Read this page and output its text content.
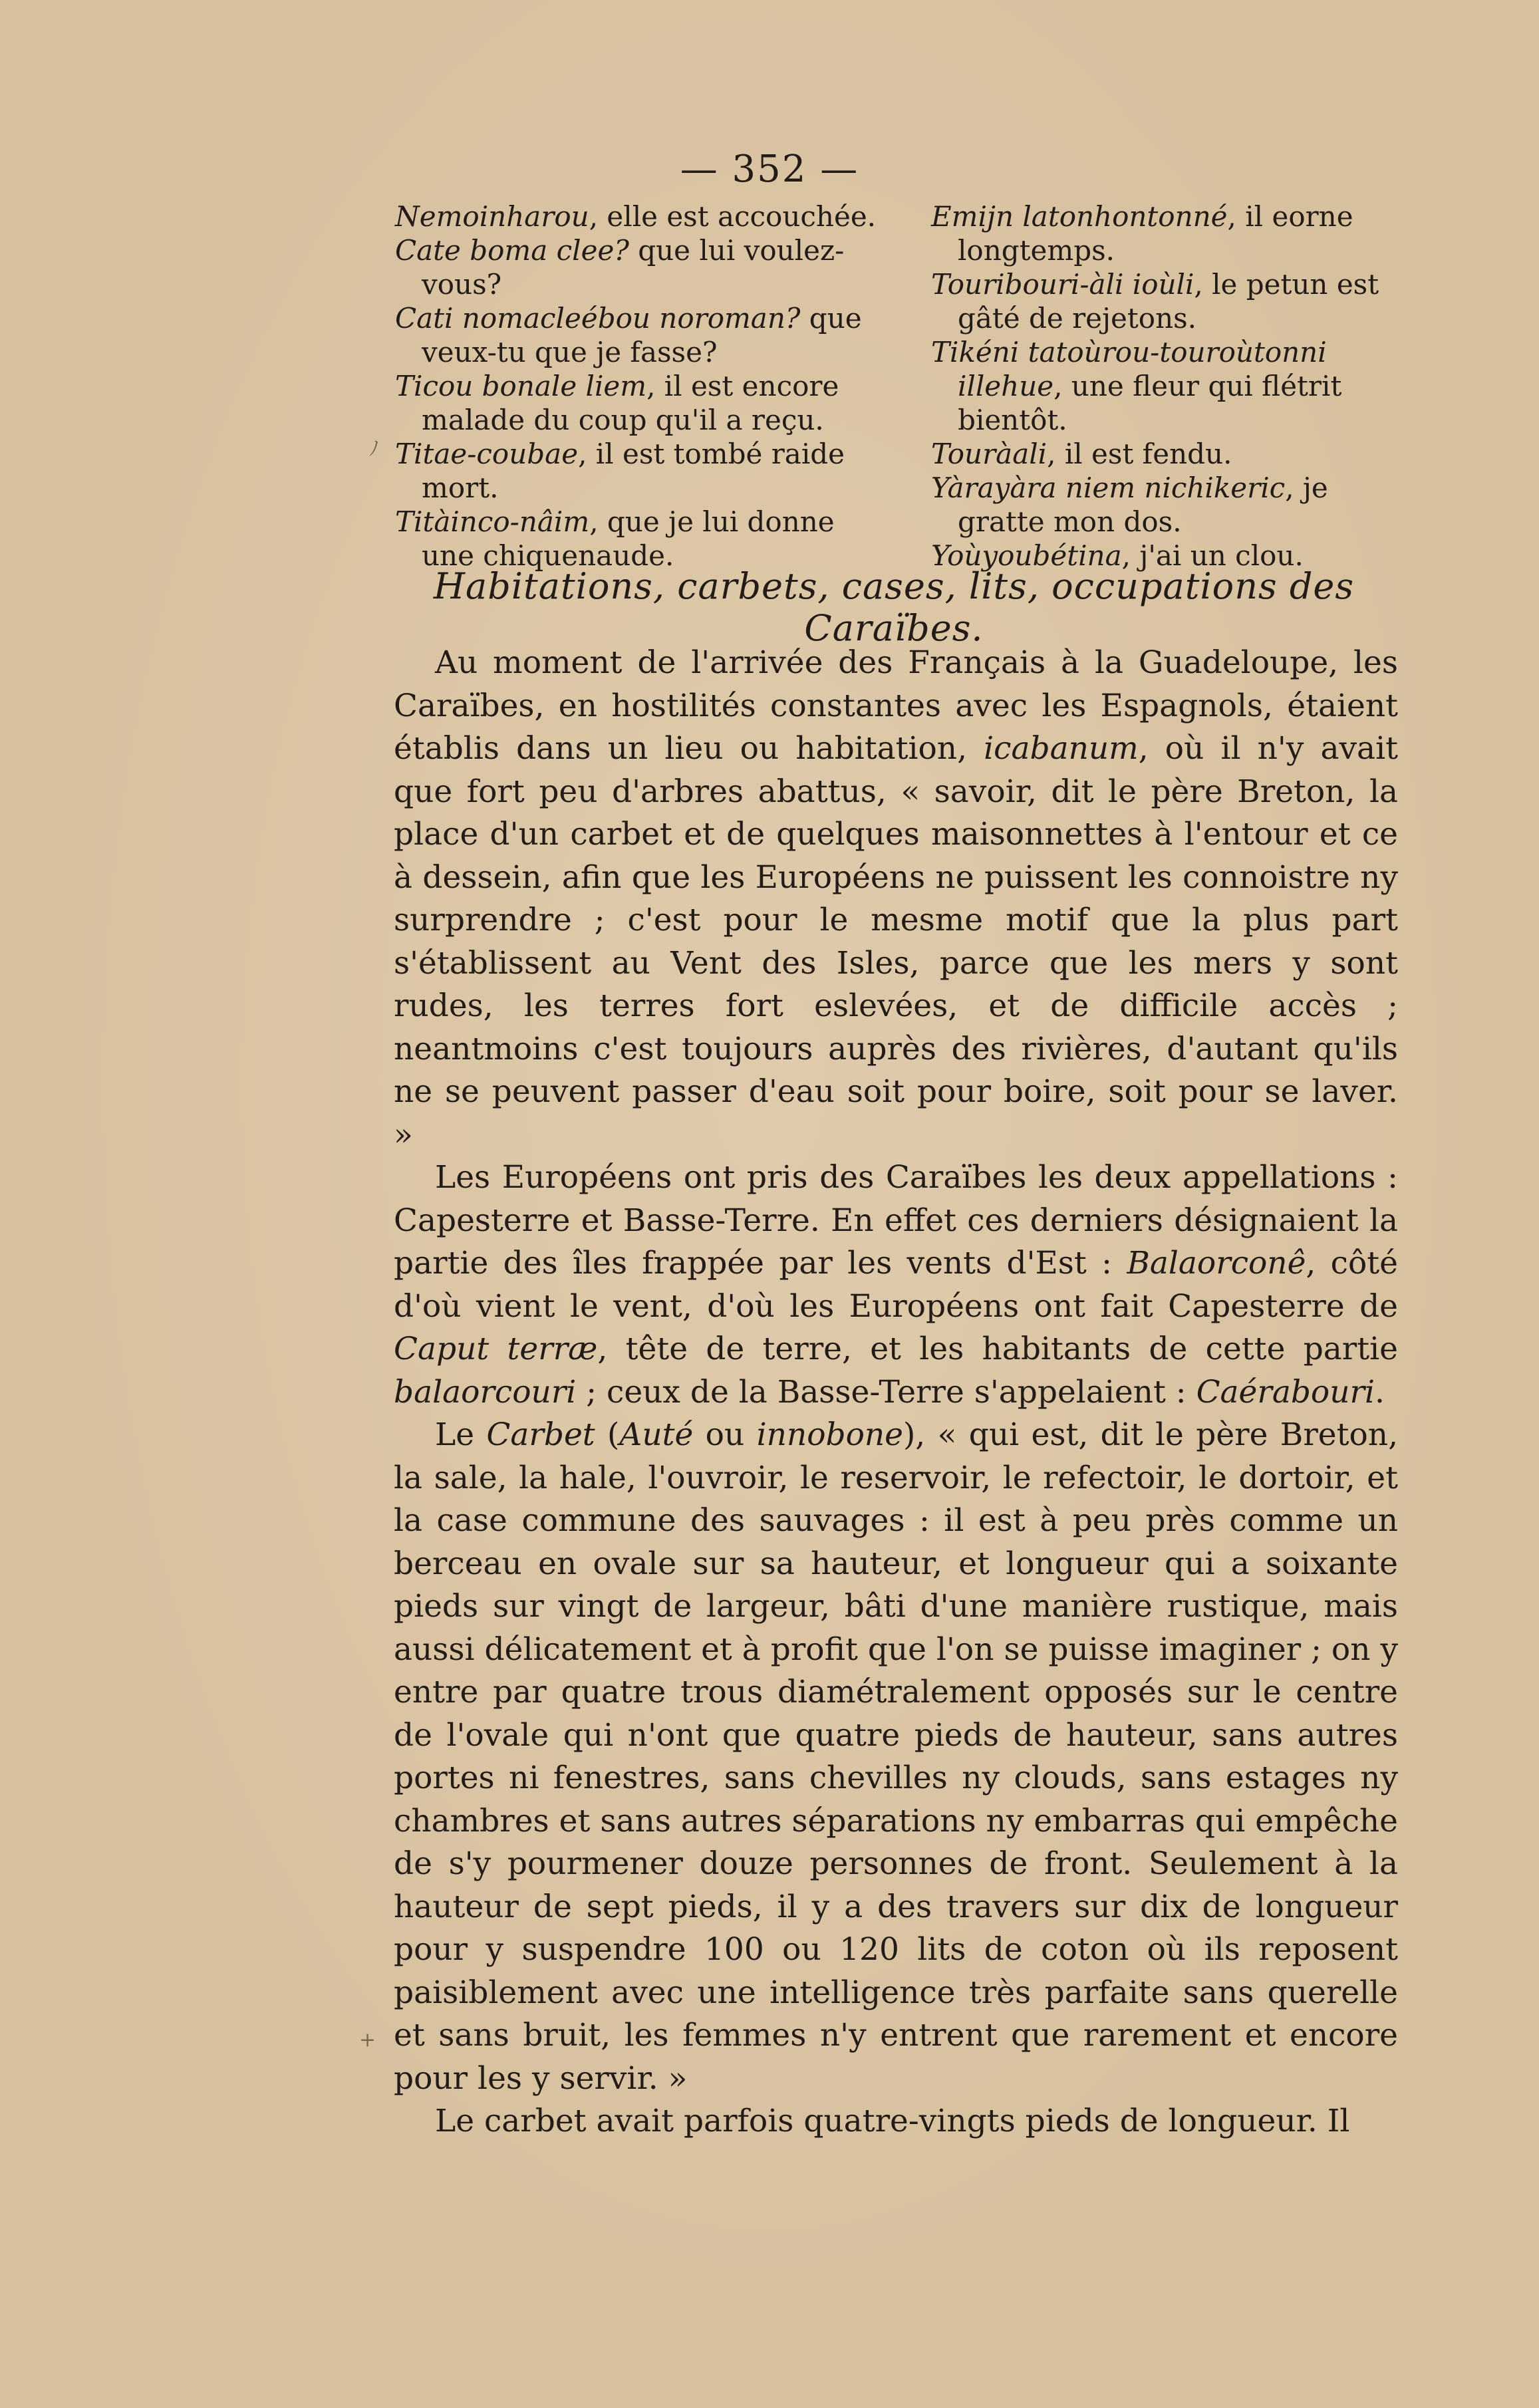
— 352 —

Nemoinharou, elle est accouchée.

Cate boma clee? que lui voulez-vous?

Cati nomacleébou noroman? que veux-tu que je fasse?

Ticou bonale liem, il est encore malade du coup qu'il a reçu.

Titae-coubae, il est tombé raide mort.

Titàinco-nâim, que je lui donne une chiquenaude.

Emijn latonhontonné, il eorne longtemps.

Touribouri-àli ioùli, le petun est gâté de rejetons.

Tikéni tatoùrou-touroùtonni illehue, une fleur qui flétrit bientôt.

Touràali, il est fendu.

Yàrayàra niem nichikeric, je gratte mon dos.

Yoùyoubétina, j'ai un clou.

Habitations, carbets, cases, lits, occupations des Caraïbes.

Au moment de l'arrivée des Français à la Guadeloupe, les Caraïbes, en hostilités constantes avec les Espagnols, étaient établis dans un lieu ou habitation, icabanum, où il n'y avait que fort peu d'arbres abattus, « savoir, dit le père Breton, la place d'un carbet et de quelques maisonnettes à l'entour et ce à dessein, afin que les Européens ne puissent les connoistre ny surprendre ; c'est pour le mesme motif que la plus part s'établissent au Vent des Isles, parce que les mers y sont rudes, les terres fort eslevées, et de difficile accès ; neantmoins c'est toujours auprès des rivières, d'autant qu'ils ne se peuvent passer d'eau soit pour boire, soit pour se laver. »

Les Européens ont pris des Caraïbes les deux appellations : Capesterre et Basse-Terre. En effet ces derniers désignaient la partie des îles frappée par les vents d'Est : Balaorconê, côté d'où vient le vent, d'où les Européens ont fait Capesterre de Caput terræ, tête de terre, et les habitants de cette partie balaorcouri ; ceux de la Basse-Terre s'appelaient : Caérabouri.

Le Carbet (Auté ou innobone), « qui est, dit le père Breton, la sale, la hale, l'ouvroir, le reservoir, le refectoir, le dortoir, et la case commune des sauvages : il est à peu près comme un berceau en ovale sur sa hauteur, et longueur qui a soixante pieds sur vingt de largeur, bâti d'une manière rustique, mais aussi délicatement et à profit que l'on se puisse imaginer ; on y entre par quatre trous diamétralement opposés sur le centre de l'ovale qui n'ont que quatre pieds de hauteur, sans autres portes ni fenestres, sans chevilles ny clouds, sans estages ny chambres et sans autres séparations ny embarras qui empêche de s'y pourmener douze personnes de front. Seulement à la hauteur de sept pieds, il y a des travers sur dix de longueur pour y suspendre 100 ou 120 lits de coton où ils reposent paisiblement avec une intelligence très parfaite sans querelle et sans bruit, les femmes n'y entrent que rarement et encore pour les y servir. »

Le carbet avait parfois quatre-vingts pieds de longueur. Il

ﾉ
+
